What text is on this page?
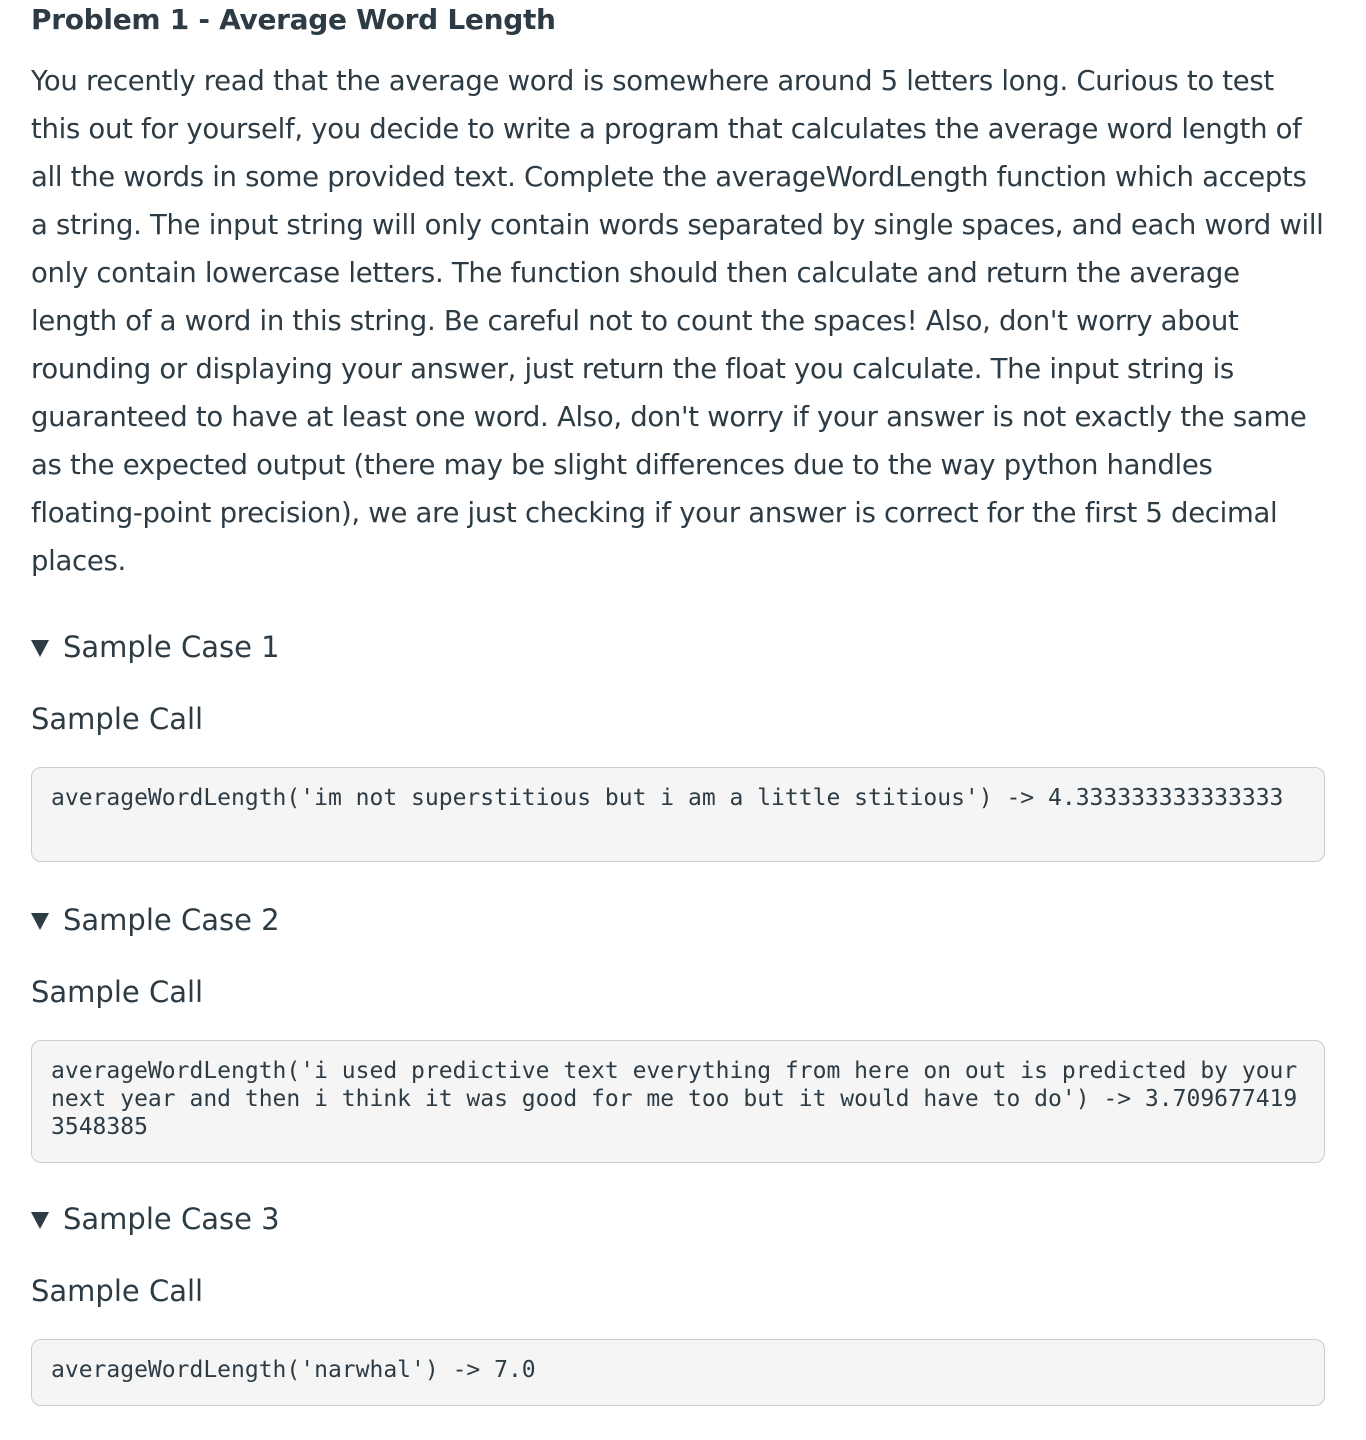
Problem 1 - Average Word Length

You recently read that the average word is somewhere around 5 letters long. Curious to test this out for yourself, you decide to write a program that calculates the average word length of all the words in some provided text. Complete the averageWordLength function which accepts a string. The input string will only contain words separated by single spaces, and each word will only contain lowercase letters. The function should then calculate and return the average length of a word in this string. Be careful not to count the spaces! Also, don't worry about rounding or displaying your answer, just return the float you calculate. The input string is guaranteed to have at least one word. Also, don't worry if your answer is not exactly the same as the expected output (there may be slight differences due to the way python handles floating-point precision), we are just checking if your answer is correct for the first 5 decimal places.

Sample Case 1
Sample Call
averageWordLength('im not superstitious but i am a little stitious') -> 4.333333333333333
Sample Case 2
Sample Call
averageWordLength('i used predictive text everything from here on out is predicted by your next year and then i think it was good for me too but it would have to do') -> 3.7096774193548385
Sample Case 3
Sample Call
averageWordLength('narwhal') -> 7.0
